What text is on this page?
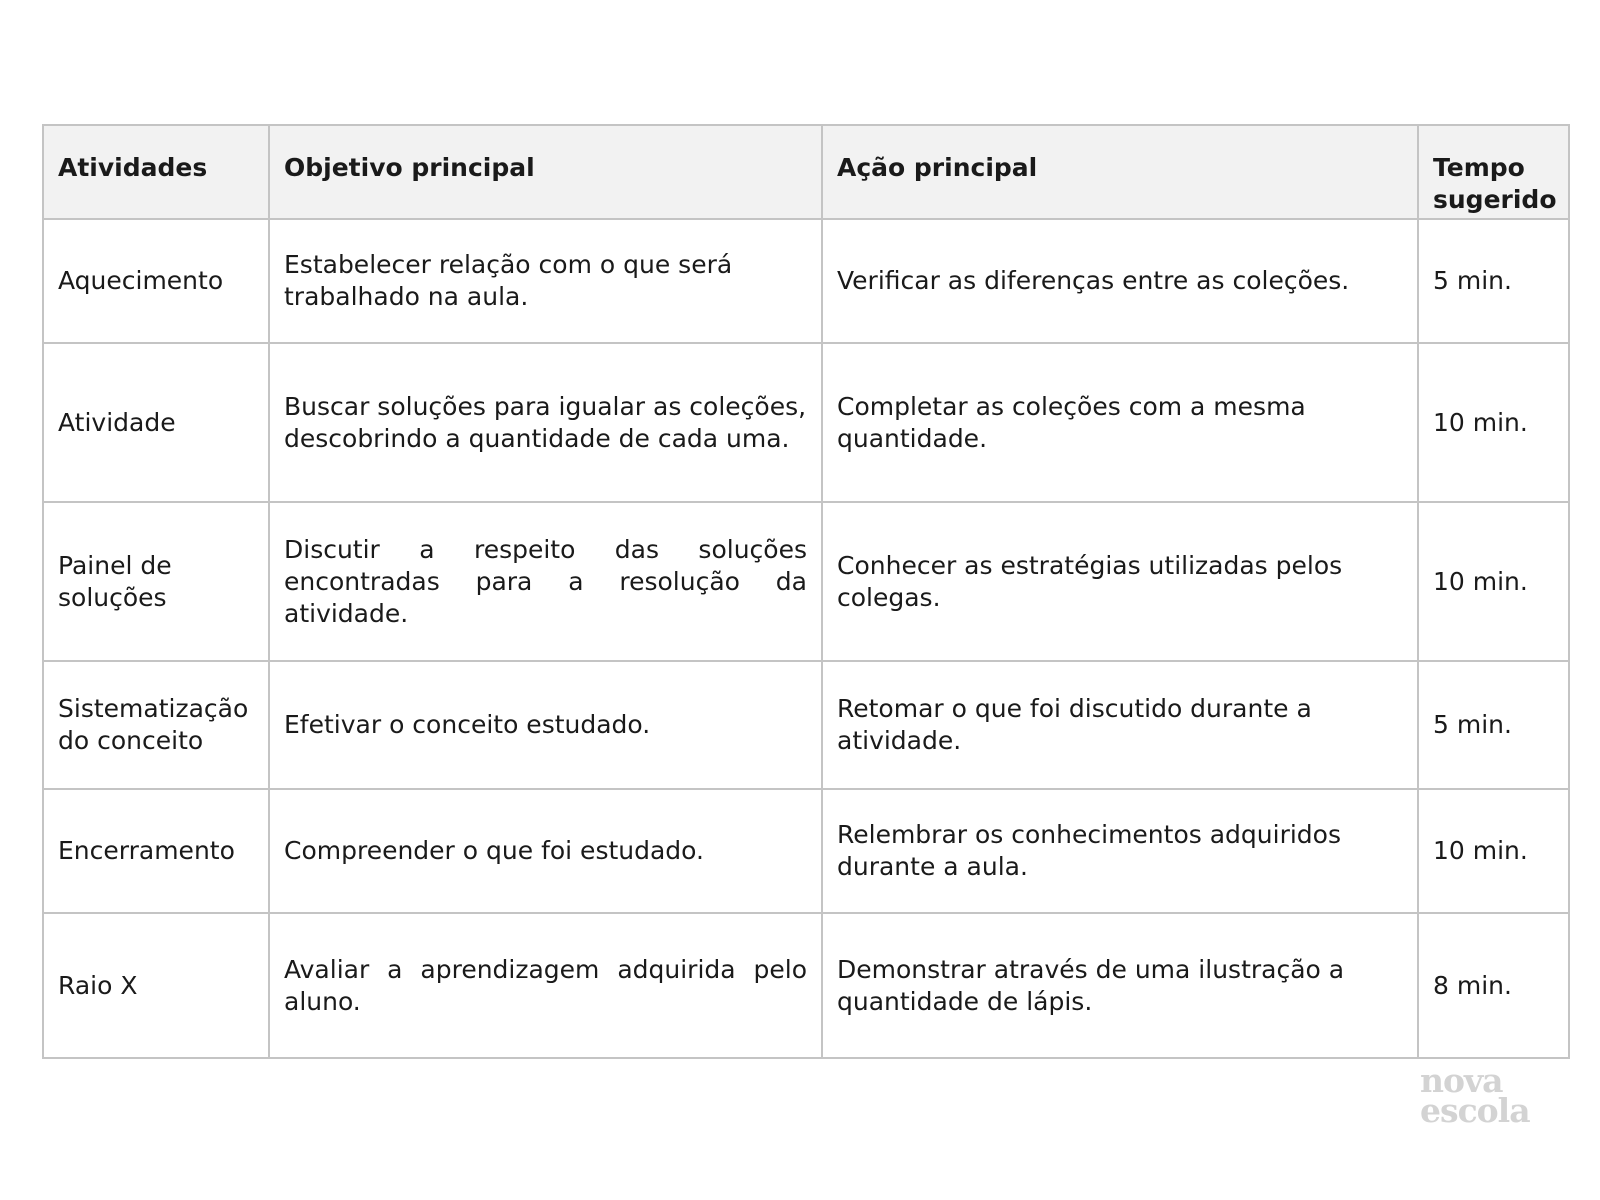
Atividades	Objetivo principal	Ação principal	Tempo sugerido
Aquecimento	Estabelecer relação com o que será trabalhado na aula.	Verificar as diferenças entre as coleções.	5 min.
Atividade	Buscar soluções para igualar as coleções, descobrindo a quantidade de cada uma.	Completar as coleções com a mesma quantidade.	10 min.
Painel de soluções	Discutir a respeito das soluções encontradas para a resolução da atividade.	Conhecer as estratégias utilizadas pelos colegas.	10 min.
Sistematização do conceito	Efetivar o conceito estudado.	Retomar o que foi discutido durante a atividade.	5 min.
Encerramento	Compreender o que foi estudado.	Relembrar os conhecimentos adquiridos durante a aula.	10 min.
Raio X	Avaliar a aprendizagem adquirida pelo aluno.	Demonstrar através de uma ilustração a quantidade de lápis.	8 min.
nova
escola
